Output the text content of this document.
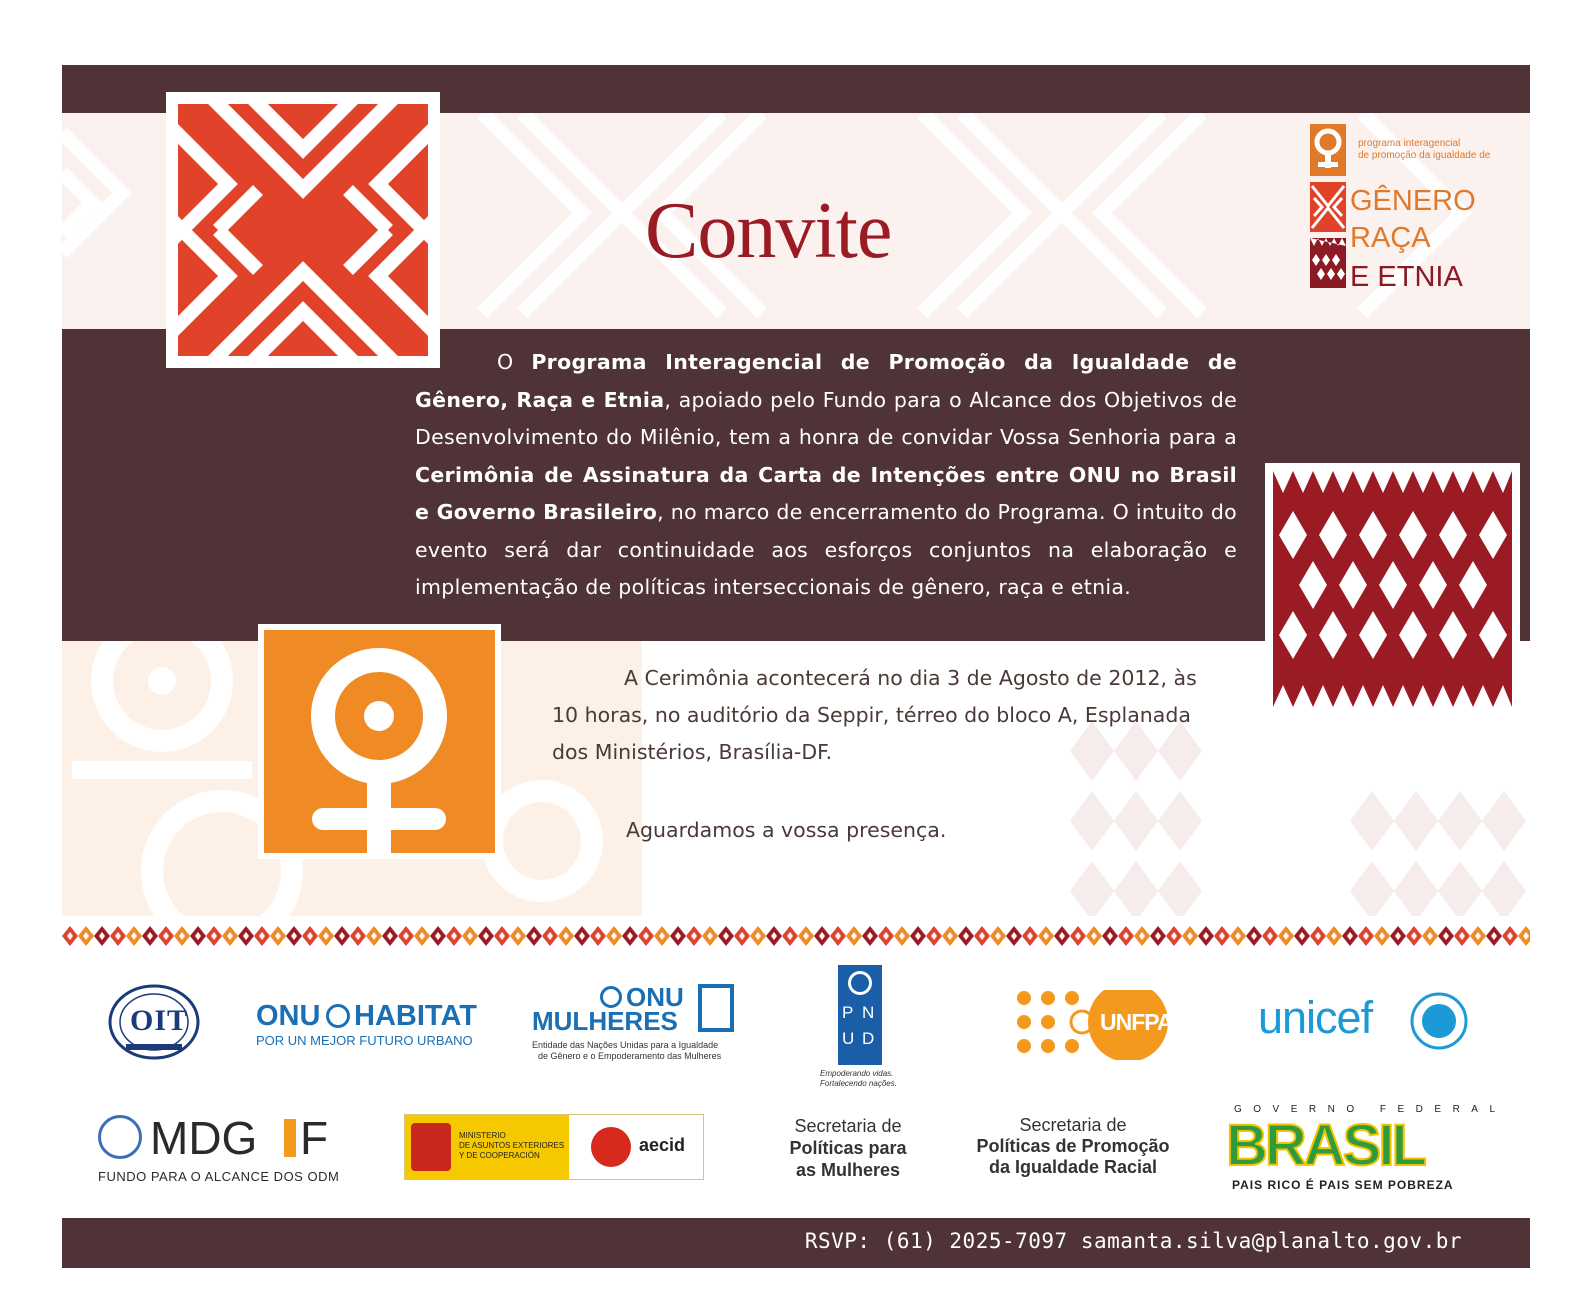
Convite
programa interagencial
de promoção da igualdade de
GÊNERO
RAÇA
E ETNIA
O Programa Interagencial de Promoção da Igualdade de Gênero, Raça e Etnia, apoiado pelo Fundo para o Alcance dos Objetivos de Desenvolvimento do Milênio, tem a honra de convidar Vossa Senhoria para a Cerimônia de Assinatura da Carta de Intenções entre ONU no Brasil e Governo Brasileiro, no marco de encerramento do Programa. O intuito do evento será dar continuidade aos esforços conjuntos na elaboração e implementação de políticas interseccionais de gênero, raça e etnia.

A Cerimônia acontecerá no dia 3 de Agosto de 2012, às 10 horas, no auditório da Seppir, térreo do bloco A, Esplanada dos Ministérios, Brasília-DF.

Aguardamos a vossa presença.
OIT ONU HABITAT
POR UN MEJOR FUTURO URBANO
ONU
MULHERES
Entidade das Nações Unidas para a Igualdade
de Gênero e o Empoderamento das Mulheres
P N
U D
Empoderando vidas.
Fortalecendo nações.
UNFPA unicef
MDG F
FUNDO PARA O ALCANCE DOS ODM
MINISTERIO
DE ASUNTOS EXTERIORES
Y DE COOPERACIÓN
aecid
Secretaria de
Políticas para
as Mulheres
Secretaria de
Políticas de Promoção
da Igualdade Racial
GOVERNO FEDERAL
BRASIL
PAIS RICO É PAIS SEM POBREZA
RSVP: (61) 2025-7097 samanta.silva@planalto.gov.br
